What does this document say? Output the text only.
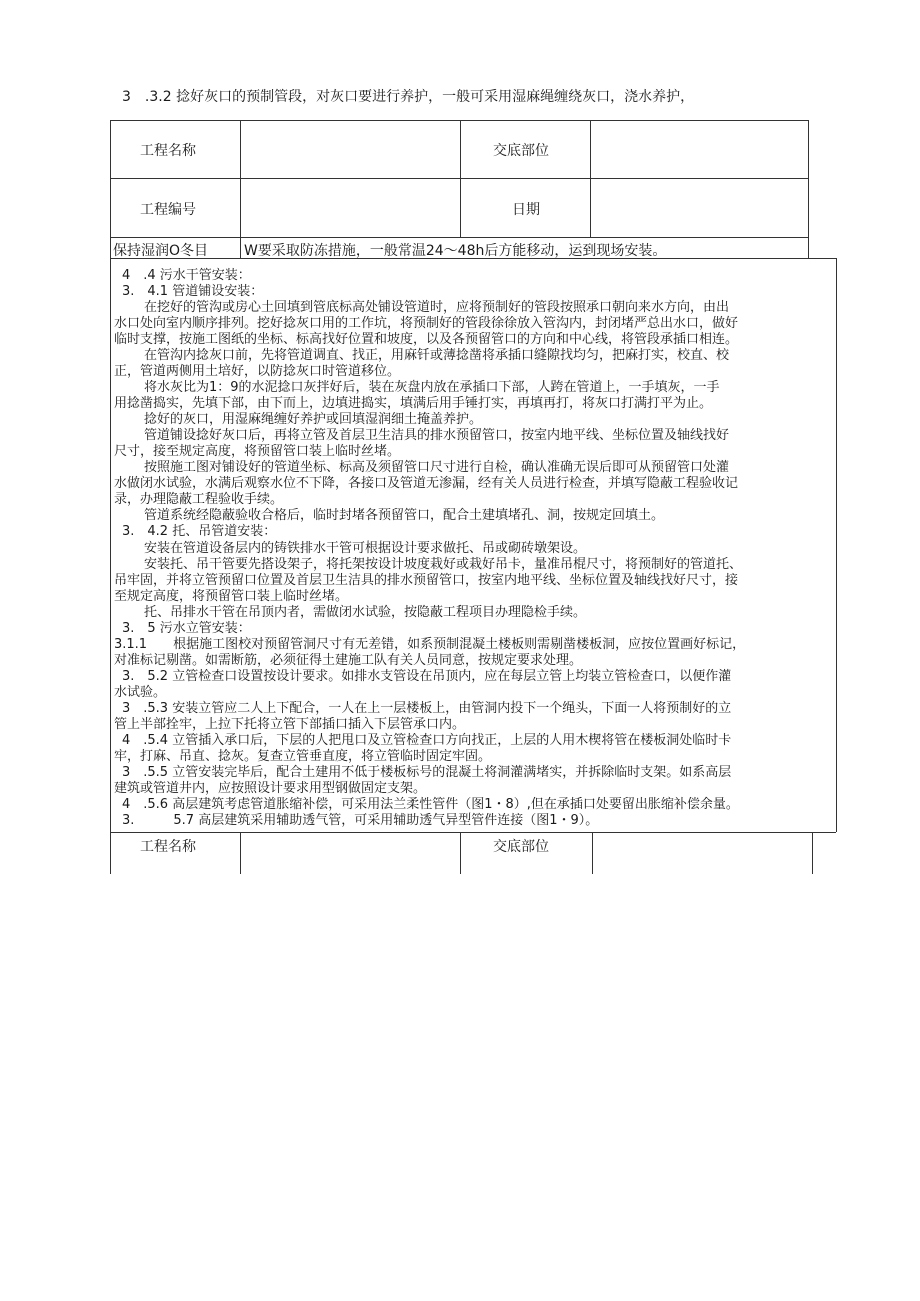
3　.3.2 捻好灰口的预制管段，对灰口要进行养护，一般可采用湿麻绳缠绕灰口，浇水养护，
工程名称	交底部位
工程编号	日期
保持湿润O冬目	W要采取防冻措施，一般常温24～48h后方能移动，运到现场安装。
4　.4 污水干管安装：
3.　4.1 管道铺设安装：
在挖好的管沟或房心土回填到管底标高处铺设管道时，应将预制好的管段按照承口朝向来水方向，由出
水口处向室内顺序排列。挖好捻灰口用的工作坑，将预制好的管段徐徐放入管沟内，封闭堵严总出水口，做好
临时支撑，按施工图纸的坐标、标高找好位置和坡度，以及各预留管口的方向和中心线，将管段承插口相连。
在管沟内捻灰口前，先将管道调直、找正，用麻钎或薄捻凿将承插口缝隙找均匀，把麻打实，校直、校
正，管道两侧用土培好，以防捻灰口时管道移位。
将水灰比为1：9的水泥捻口灰拌好后，装在灰盘内放在承插口下部，人跨在管道上，一手填灰，一手
用捻凿捣实，先填下部，由下而上，边填进捣实，填满后用手锤打实，再填再打，将灰口打满打平为止。
捻好的灰口，用湿麻绳缠好养护或回填湿润细土掩盖养护。
管道铺设捻好灰口后，再将立管及首层卫生洁具的排水预留管口，按室内地平线、坐标位置及轴线找好
尺寸，接至规定高度，将预留管口装上临时丝堵。
按照施工图对铺设好的管道坐标、标高及须留管口尺寸进行自检，确认准确无误后即可从预留管口处灌
水做闭水试验，水满后观察水位不下降，各接口及管道无渗漏，经有关人员进行检查，并填写隐蔽工程验收记
录，办理隐蔽工程验收手续。
管道系统经隐蔽验收合格后，临时封堵各预留管口，配合土建填堵孔、洞，按规定回填土。
3.　4.2 托、吊管道安装：
安装在管道设备层内的铸铁排水干管可根据设计要求做托、吊或砌砖墩架设。
安装托、吊干管要先搭设架子，将托架按设计坡度栽好或栽好吊卡，量准吊棍尺寸，将预制好的管道托、
吊牢固，并将立管预留口位置及首层卫生洁具的排水预留管口，按室内地平线、坐标位置及轴线找好尺寸，接
至规定高度，将预留管口装上临时丝堵。
托、吊排水干管在吊顶内者，需做闭水试验，按隐蔽工程项目办理隐检手续。
3.　5 污水立管安装：
3.1.1　　根据施工图校对预留管洞尺寸有无差错，如系预制混凝土楼板则需剔凿楼板洞，应按位置画好标记，
对准标记剔凿。如需断筋，必须征得土建施工队有关人员同意，按规定要求处理。
3.　5.2 立管检查口设置按设计要求。如排水支管设在吊顶内，应在每层立管上均装立管检查口，以便作灌
水试验。
3　.5.3 安装立管应二人上下配合，一人在上一层楼板上，由管洞内投下一个绳头，下面一人将预制好的立
管上半部拴牢，上拉下托将立管下部插口插入下层管承口内。
4　.5.4 立管插入承口后，下层的人把甩口及立管检查口方向找正，上层的人用木楔将管在楼板洞处临时卡
牢，打麻、吊直、捻灰。复查立管垂直度，将立管临时固定牢固。
3　.5.5 立管安装完毕后，配合土建用不低于楼板标号的混凝土将洞灌满堵实，并拆除临时支架。如系高层
建筑或管道井内，应按照设计要求用型钢做固定支架。
4　.5.6 高层建筑考虑管道胀缩补偿，可采用法兰柔性管件（图1・8）,但在承插口处要留出胀缩补偿余量。
3.　　　5.7 高层建筑采用辅助透气管，可采用辅助透气异型管件连接（图1・9）。
工程名称	交底部位
